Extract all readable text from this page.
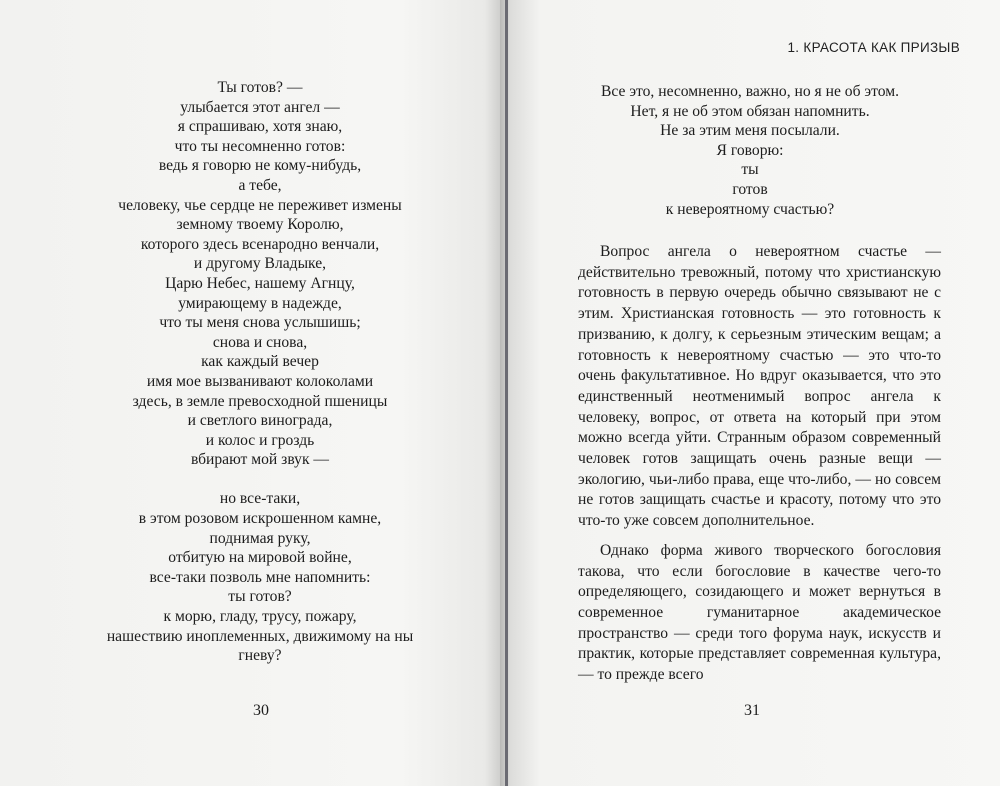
Ты готов? —
улыбается этот ангел —
я спрашиваю, хотя знаю,
что ты несомненно готов:
ведь я говорю не кому-нибудь,
а тебе,
человеку, чье сердце не переживет измены
земному твоему Королю,
которого здесь всенародно венчали,
и другому Владыке,
Царю Небес, нашему Агнцу,
умирающему в надежде,
что ты меня снова услышишь;
снова и снова,
как каждый вечер
имя мое вызванивают колоколами
здесь, в земле превосходной пшеницы
и светлого винограда,
и колос и гроздь
вбирают мой звук —
но все-таки,
в этом розовом искрошенном камне,
поднимая руку,
отбитую на мировой войне,
все-таки позволь мне напомнить:
ты готов?
к морю, гладу, трусу, пожару,
нашествию иноплеменных, движимому на ны
гневу?
30
1. КРАСОТА КАК ПРИЗЫВ
Все это, несомненно, важно, но я не об этом.
Нет, я не об этом обязан напомнить.
Не за этим меня посылали.
Я говорю:
ты
готов
к невероятному счастью?

Вопрос ангела о невероятном счастье — действительно тревожный, потому что христианскую готовность в первую очередь обычно связывают не с этим. Христианская готовность — это готовность к призванию, к долгу, к серьезным этическим вещам; а готовность к невероятному счастью — это что-то очень факультативное. Но вдруг оказывается, что это единственный неотменимый вопрос ангела к человеку, вопрос, от ответа на который при этом можно всегда уйти. Странным образом современный человек готов защищать очень разные вещи — экологию, чьи-либо права, еще что-либо, — но совсем не готов защищать счастье и красоту, потому что это что-то уже совсем дополнительное.

Однако форма живого творческого богословия такова, что если богословие в качестве чего-то определяющего, созидающего и может вернуться в современное гуманитарное академическое пространство — среди того форума наук, искусств и практик, которые представляет современная культура, — то прежде всего

31
